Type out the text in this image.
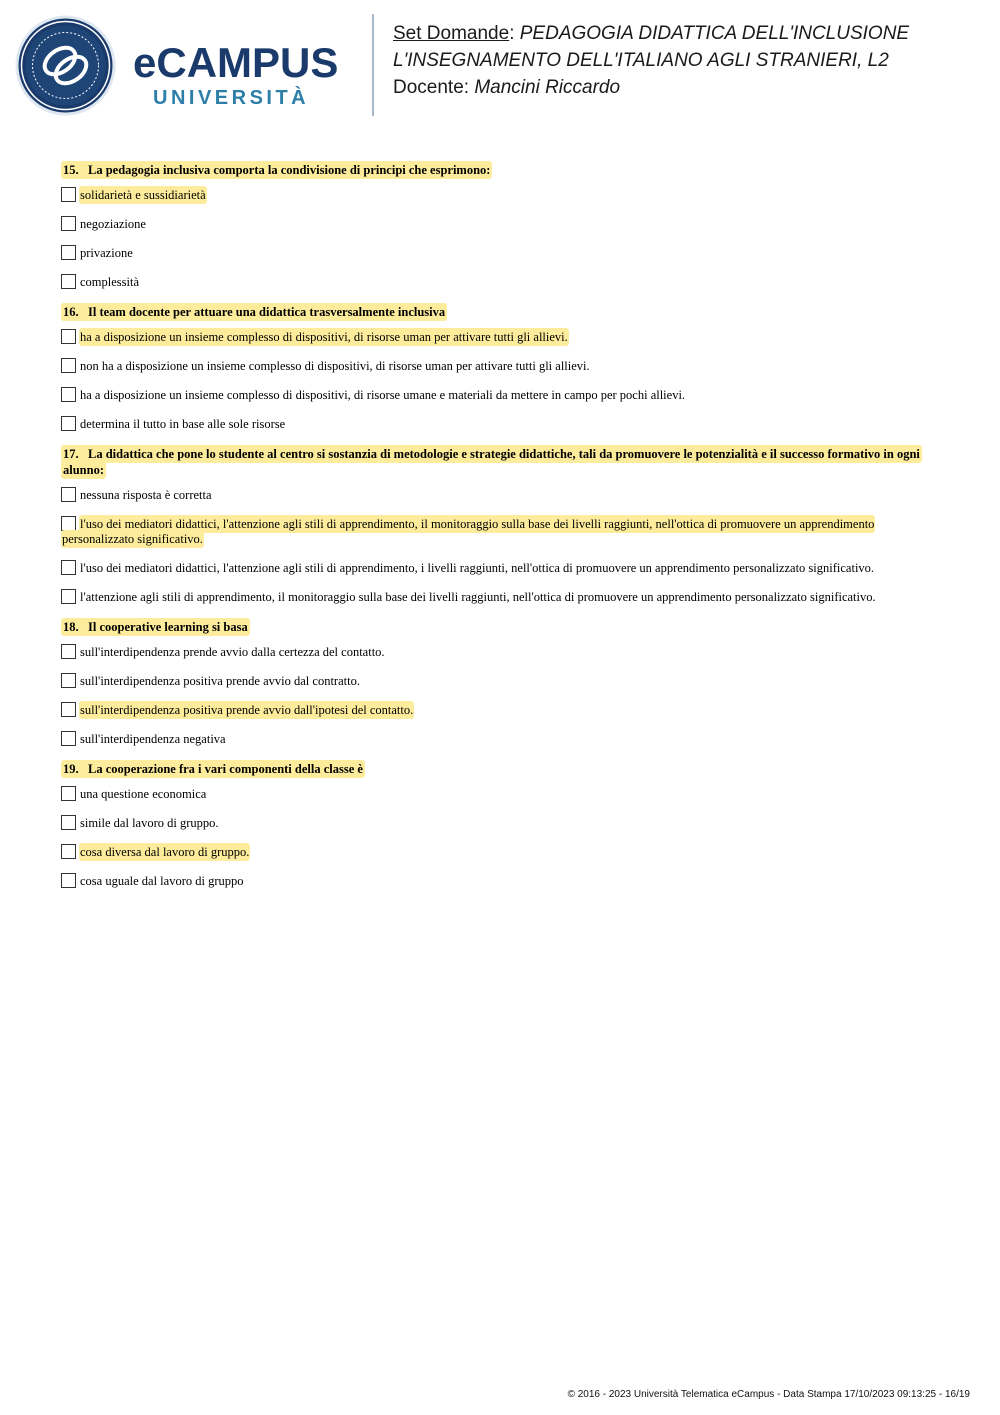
eCAMPUS
UNIVERSITÀ
Set Domande: PEDAGOGIA DIDATTICA DELL'INCLUSIONE
L'INSEGNAMENTO DELL'ITALIANO AGLI STRANIERI, L2
Docente: Mancini Riccardo
15. La pedagogia inclusiva comporta la condivisione di principi che esprimono:
solidarietà e sussidiarietà
negoziazione
privazione
complessità
16. Il team docente per attuare una didattica trasversalmente inclusiva
ha a disposizione un insieme complesso di dispositivi, di risorse uman per attivare tutti gli allievi.
non ha a disposizione un insieme complesso di dispositivi, di risorse uman per attivare tutti gli allievi.
ha a disposizione un insieme complesso di dispositivi, di risorse umane e materiali da mettere in campo per pochi allievi.
determina il tutto in base alle sole risorse
17. La didattica che pone lo studente al centro si sostanzia di metodologie e strategie didattiche, tali da promuovere le potenzialità e il successo formativo in ogni alunno:
nessuna risposta è corretta
l'uso dei mediatori didattici, l'attenzione agli stili di apprendimento, il monitoraggio sulla base dei livelli raggiunti, nell'ottica di promuovere un apprendimento personalizzato significativo.
l'uso dei mediatori didattici, l'attenzione agli stili di apprendimento, i livelli raggiunti, nell'ottica di promuovere un apprendimento personalizzato significativo.
l'attenzione agli stili di apprendimento, il monitoraggio sulla base dei livelli raggiunti, nell'ottica di promuovere un apprendimento personalizzato significativo.
18. Il cooperative learning si basa
sull'interdipendenza prende avvio dalla certezza del contatto.
sull'interdipendenza positiva prende avvio dal contratto.
sull'interdipendenza positiva prende avvio dall'ipotesi del contatto.
sull'interdipendenza negativa
19. La cooperazione fra i vari componenti della classe è
una questione economica
simile dal lavoro di gruppo.
cosa diversa dal lavoro di gruppo.
cosa uguale dal lavoro di gruppo
© 2016 - 2023 Università Telematica eCampus - Data Stampa 17/10/2023 09:13:25 - 16/19
